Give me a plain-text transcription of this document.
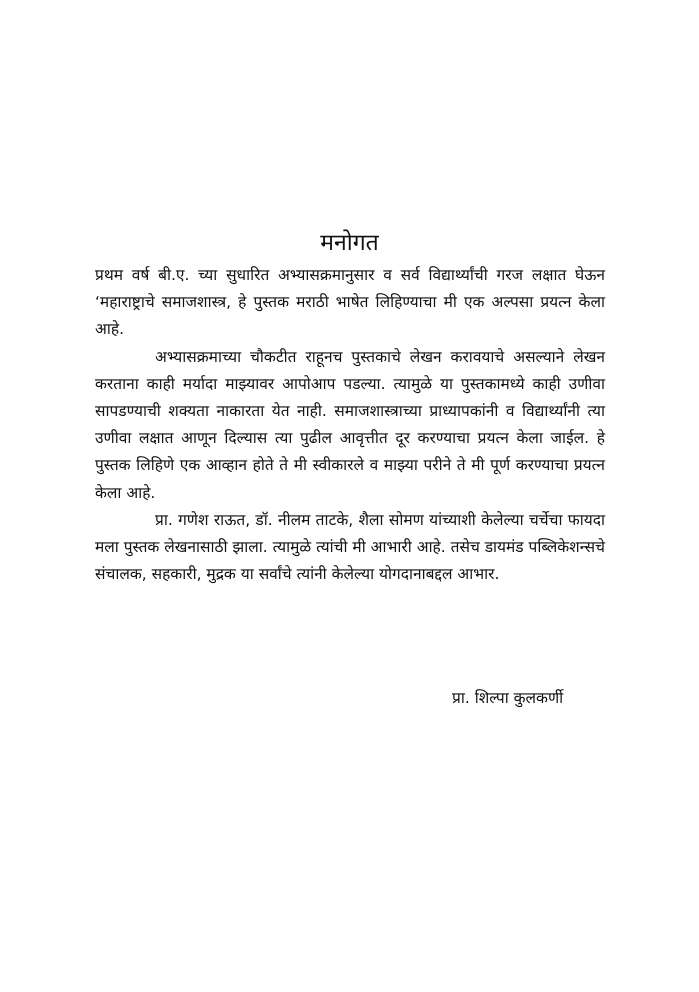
मनोगत

प्रथम वर्ष बी.ए. च्या सुधारित अभ्यासक्रमानुसार व सर्व विद्यार्थ्यांची गरज लक्षात घेऊन ‘महाराष्ट्राचे समाजशास्त्र, हे पुस्तक मराठी भाषेत लिहिण्याचा मी एक अल्पसा प्रयत्न केला आहे.

अभ्यासक्रमाच्या चौकटीत राहूनच पुस्तकाचे लेखन करावयाचे असल्याने लेखन करताना काही मर्यादा माझ्यावर आपोआप पडल्या. त्यामुळे या पुस्तकामध्ये काही उणीवा सापडण्याची शक्यता नाकारता येत नाही. समाजशास्त्राच्या प्राध्यापकांनी व विद्यार्थ्यांनी त्या उणीवा लक्षात आणून दिल्यास त्या पुढील आवृत्तीत दूर करण्याचा प्रयत्न केला जाईल. हे पुस्तक लिहिणे एक आव्हान होते ते मी स्वीकारले व माझ्या परीने ते मी पूर्ण करण्याचा प्रयत्न केला आहे.

प्रा. गणेश राऊत, डॉ. नीलम ताटके, शैला सोमण यांच्याशी केलेल्या चर्चेचा फायदा मला पुस्तक लेखनासाठी झाला. त्यामुळे त्यांची मी आभारी आहे. तसेच डायमंड पब्लिकेशन्सचे संचालक, सहकारी, मुद्रक या सर्वांचे त्यांनी केलेल्या योगदानाबद्दल आभार.

प्रा. शिल्पा कुलकर्णी
